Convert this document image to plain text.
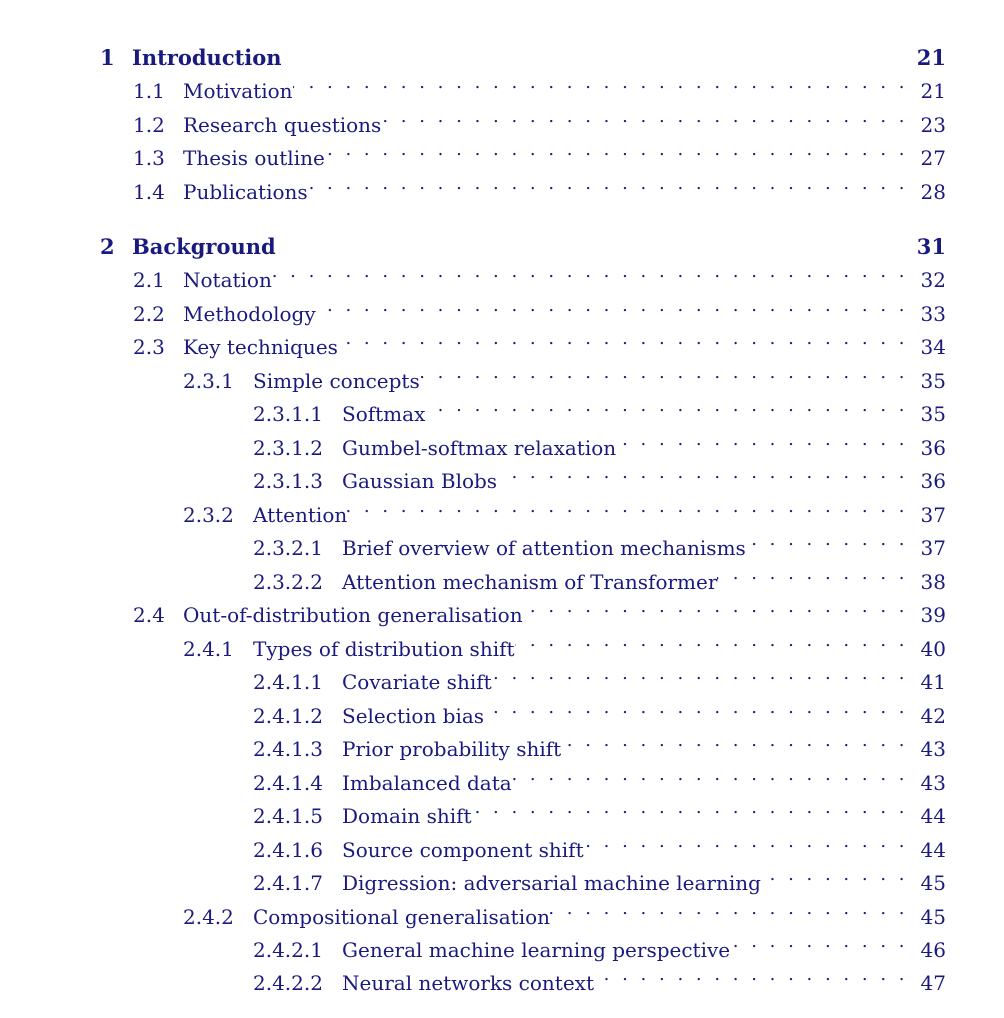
1 Introduction	21
1.1 Motivation . . .	21
1.2 Research questions . . .	23
1.3 Thesis outline . . .	27
1.4 Publications . . .	28
2 Background	31
2.1 Notation . . .	32
2.2 Methodology . . .	33
2.3 Key techniques . . .	34
2.3.1 Simple concepts . . .	35
2.3.1.1 Softmax . . .	35
2.3.1.2 Gumbel-softmax relaxation . . .	36
2.3.1.3 Gaussian Blobs . . .	36
2.3.2 Attention . . .	37
2.3.2.1 Brief overview of attention mechanisms . . .	37
2.3.2.2 Attention mechanism of Transformer . . .	38
2.4 Out-of-distribution generalisation . . .	39
2.4.1 Types of distribution shift . . .	40
2.4.1.1 Covariate shift . . .	41
2.4.1.2 Selection bias . . .	42
2.4.1.3 Prior probability shift . . .	43
2.4.1.4 Imbalanced data . . .	43
2.4.1.5 Domain shift . . .	44
2.4.1.6 Source component shift . . .	44
2.4.1.7 Digression: adversarial machine learning . . .	45
2.4.2 Compositional generalisation . . .	45
2.4.2.1 General machine learning perspective . . .	46
2.4.2.2 Neural networks context . . .	47
